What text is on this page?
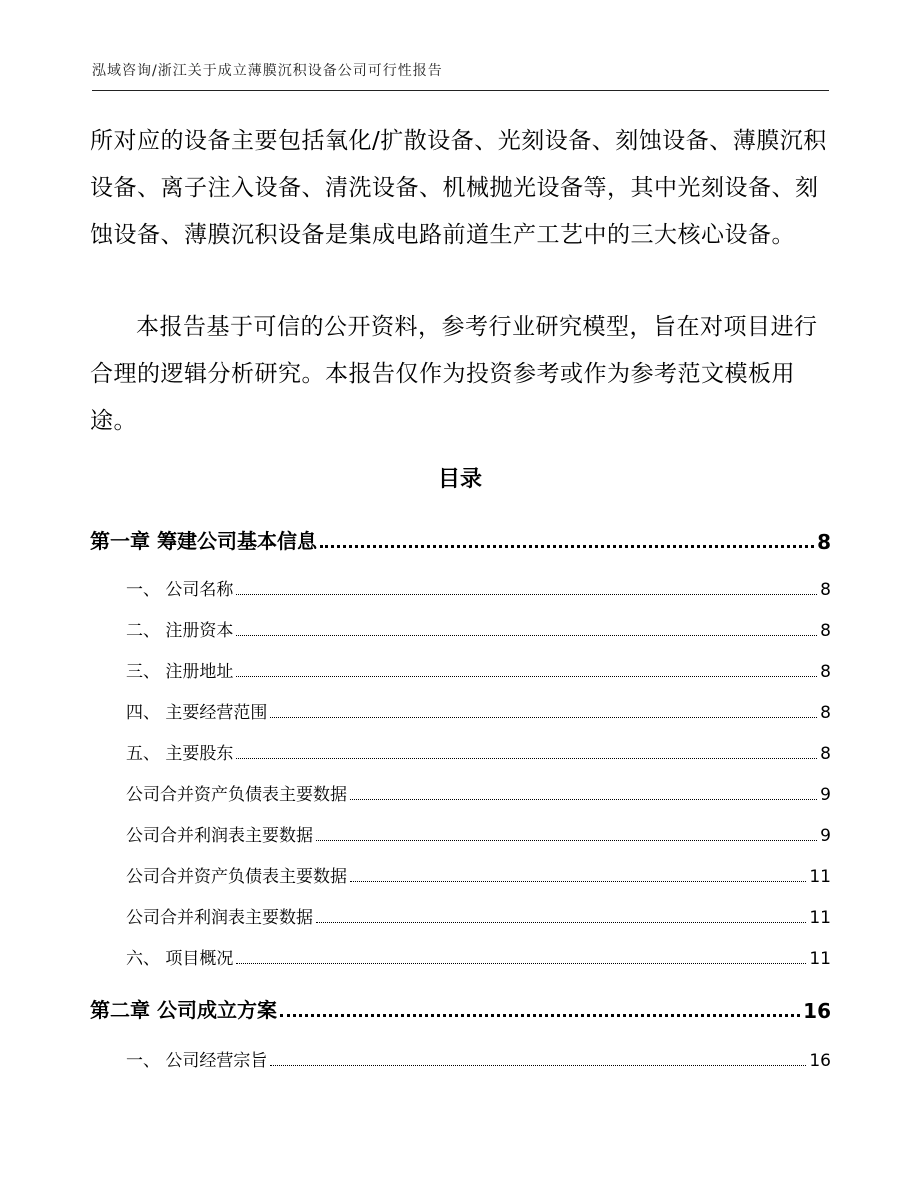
泓域咨询/浙江关于成立薄膜沉积设备公司可行性报告

所对应的设备主要包括氧化/扩散设备、光刻设备、刻蚀设备、薄膜沉积设备、离子注入设备、清洗设备、机械抛光设备等，其中光刻设备、刻蚀设备、薄膜沉积设备是集成电路前道生产工艺中的三大核心设备。

本报告基于可信的公开资料，参考行业研究模型，旨在对项目进行合理的逻辑分析研究。本报告仅作为投资参考或作为参考范文模板用途。

目录
第一章 筹建公司基本信息	8
一、 公司名称	8
二、 注册资本	8
三、 注册地址	8
四、 主要经营范围	8
五、 主要股东	8
公司合并资产负债表主要数据	9
公司合并利润表主要数据	9
公司合并资产负债表主要数据	11
公司合并利润表主要数据	11
六、 项目概况	11
第二章 公司成立方案	16
一、 公司经营宗旨	16
